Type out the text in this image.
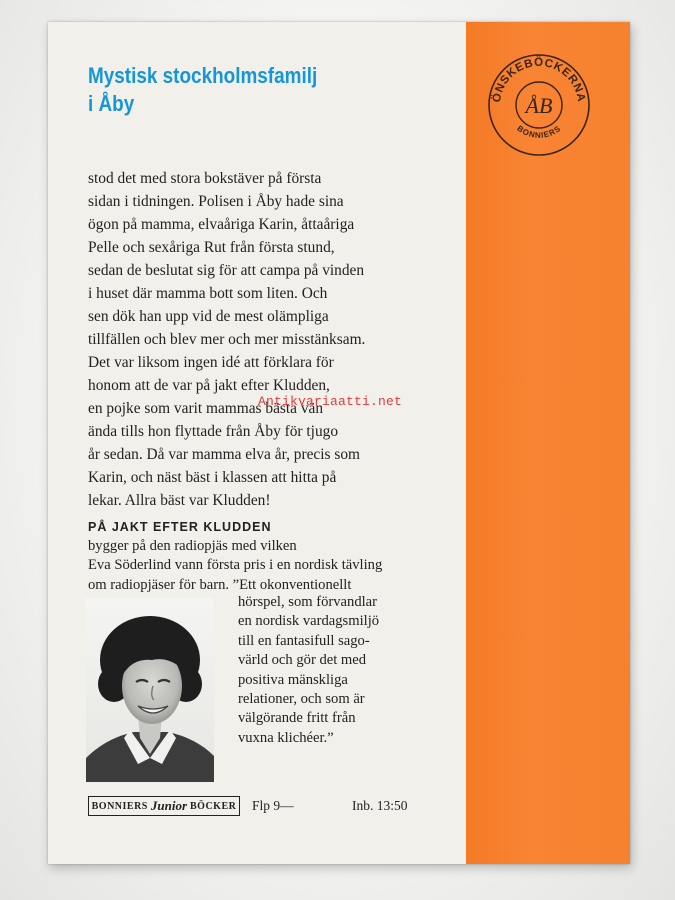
ÖNSKEBÖCKERNA
BONNIERS
ÅB
Mystisk stockholmsfamilj
i Åby
stod det med stora bokstäver på första
sidan i tidningen. Polisen i Åby hade sina
ögon på mamma, elvaåriga Karin, åttaåriga
Pelle och sexåriga Rut från första stund,
sedan de beslutat sig för att campa på vinden
i huset där mamma bott som liten. Och
sen dök han upp vid de mest olämpliga
tillfällen och blev mer och mer misstänksam.
Det var liksom ingen idé att förklara för
honom att de var på jakt efter Kludden,
en pojke som varit mammas bästa vän
ända tills hon flyttade från Åby för tjugo
år sedan. Då var mamma elva år, precis som
Karin, och näst bäst i klassen att hitta på
lekar. Allra bäst var Kludden!
Antikvariaatti.net
PÅ JAKT EFTER KLUDDEN
bygger på den radiopjäs med vilken
Eva Söderlind vann första pris i en nordisk tävling
om radiopjäser för barn. ”Ett okonventionellt
hörspel, som förvandlar
en nordisk vardagsmiljö
till en fantasifull sago-
värld och gör det med
positiva mänskliga
relationer, och som är
välgörande fritt från
vuxna klichéer.”
BONNIERS Junior BÖCKER Flp 9—	Inb. 13:50
